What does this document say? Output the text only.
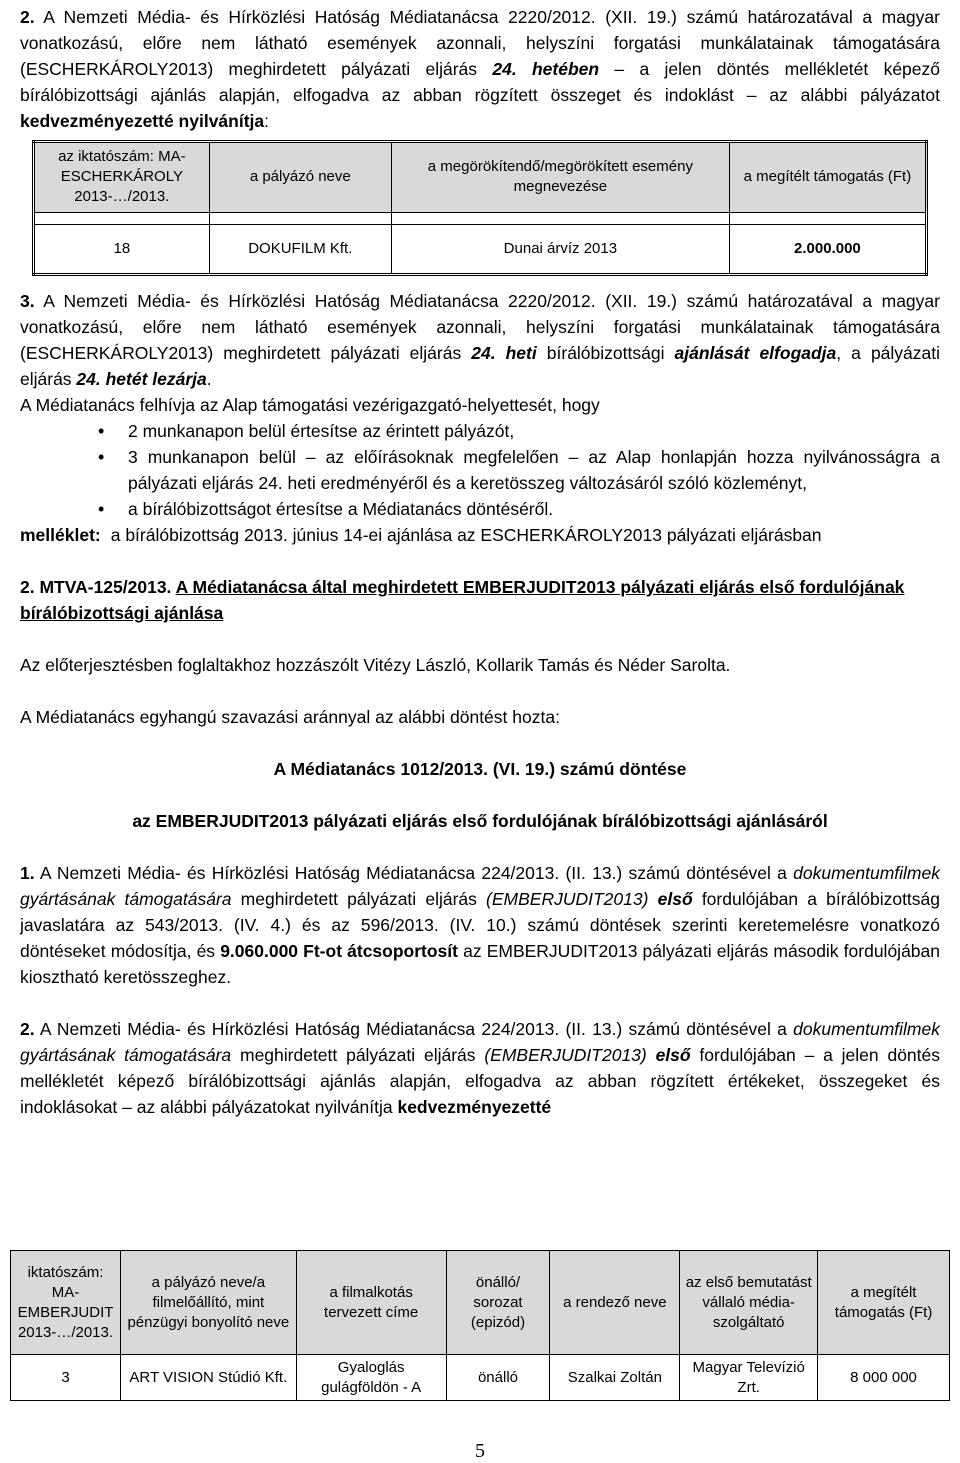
2. A Nemzeti Média- és Hírközlési Hatóság Médiatanácsa 2220/2012. (XII. 19.) számú határozatával a magyar vonatkozású, előre nem látható események azonnali, helyszíni forgatási munkálatainak támogatására (ESCHERKÁROLY2013) meghirdetett pályázati eljárás 24. hetében – a jelen döntés mellékletét képező bírálóbizottsági ajánlás alapján, elfogadva az abban rögzített összeget és indoklást – az alábbi pályázatot kedvezményezetté nyilvánítja:

az iktatószám: MA-ESCHERKÁROLY 2013-…/2013.	a pályázó neve	a megörökítendő/megörökített esemény megnevezése	a megítélt támogatás (Ft)

18	DOKUFILM Kft.	Dunai árvíz 2013	2.000.000

3. A Nemzeti Média- és Hírközlési Hatóság Médiatanácsa 2220/2012. (XII. 19.) számú határozatával a magyar vonatkozású, előre nem látható események azonnali, helyszíni forgatási munkálatainak támogatására (ESCHERKÁROLY2013) meghirdetett pályázati eljárás 24. heti bírálóbizottsági ajánlását elfogadja, a pályázati eljárás 24. hetét lezárja.

A Médiatanács felhívja az Alap támogatási vezérigazgató-helyettesét, hogy

• 2 munkanapon belül értesítse az érintett pályázót,
• 3 munkanapon belül – az előírásoknak megfelelően – az Alap honlapján hozza nyilvánosságra a pályázati eljárás 24. heti eredményéről és a keretösszeg változásáról szóló közleményt,
• a bírálóbizottságot értesítse a Médiatanács döntéséről.
melléklet: a bírálóbizottság 2013. június 14-ei ajánlása az ESCHERKÁROLY2013 pályázati eljárásban

2. MTVA-125/2013. A Médiatanácsa által meghirdetett EMBERJUDIT2013 pályázati eljárás első fordulójának bírálóbizottsági ajánlása

Az előterjesztésben foglaltakhoz hozzászólt Vitézy László, Kollarik Tamás és Néder Sarolta.

A Médiatanács egyhangú szavazási aránnyal az alábbi döntést hozta:

A Médiatanács 1012/2013. (VI. 19.) számú döntése

az EMBERJUDIT2013 pályázati eljárás első fordulójának bírálóbizottsági ajánlásáról

1. A Nemzeti Média- és Hírközlési Hatóság Médiatanácsa 224/2013. (II. 13.) számú döntésével a dokumentumfilmek gyártásának támogatására meghirdetett pályázati eljárás (EMBERJUDIT2013) első fordulójában a bírálóbizottság javaslatára az 543/2013. (IV. 4.) és az 596/2013. (IV. 10.) számú döntések szerinti keretemelésre vonatkozó döntéseket módosítja, és 9.060.000 Ft-ot átcsoportosít az EMBERJUDIT2013 pályázati eljárás második fordulójában kiosztható keretösszeghez.

2. A Nemzeti Média- és Hírközlési Hatóság Médiatanácsa 224/2013. (II. 13.) számú döntésével a dokumentumfilmek gyártásának támogatására meghirdetett pályázati eljárás (EMBERJUDIT2013) első fordulójában – a jelen döntés mellékletét képező bírálóbizottsági ajánlás alapján, elfogadva az abban rögzített értékeket, összegeket és indoklásokat – az alábbi pályázatokat nyilvánítja kedvezményezetté

iktatószám: MA-EMBERJUDIT 2013-…/2013.	a pályázó neve/a filmelőállító, mint pénzügyi bonyolító neve	a filmalkotás tervezett címe	önálló/ sorozat (epizód)	a rendező neve	az első bemutatást vállaló média-szolgáltató	a megítélt támogatás (Ft)
3	ART VISION Stúdió Kft.	Gyaloglás gulágföldön - A	önálló	Szalkai Zoltán	Magyar Televízió Zrt.	8 000 000
5
